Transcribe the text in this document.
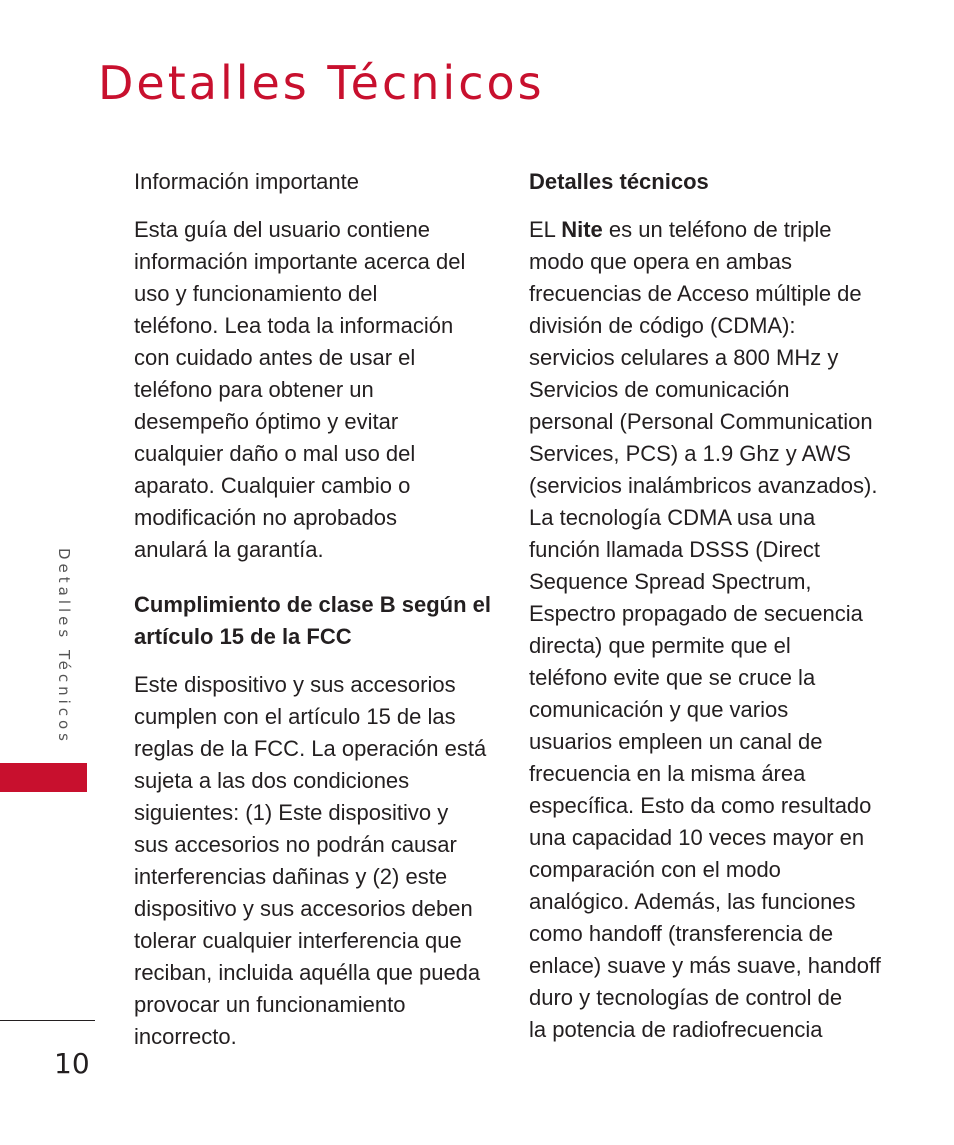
Detalles Técnicos
Información importante

Esta guía del usuario contiene
información importante acerca del
uso y funcionamiento del
teléfono. Lea toda la información
con cuidado antes de usar el
teléfono para obtener un
desempeño óptimo y evitar
cualquier daño o mal uso del
aparato. Cualquier cambio o
modificación no aprobados
anulará la garantía.

Cumplimiento de clase B según el
artículo 15 de la FCC

Este dispositivo y sus accesorios
cumplen con el artículo 15 de las
reglas de la FCC. La operación está
sujeta a las dos condiciones
siguientes: (1) Este dispositivo y
sus accesorios no podrán causar
interferencias dañinas y (2) este
dispositivo y sus accesorios deben
tolerar cualquier interferencia que
reciban, incluida aquélla que pueda
provocar un funcionamiento
incorrecto.

Detalles técnicos

EL Nite es un teléfono de triple
modo que opera en ambas
frecuencias de Acceso múltiple de
división de código (CDMA):
servicios celulares a 800 MHz y
Servicios de comunicación
personal (Personal Communication
Services, PCS) a 1.9 Ghz y AWS
(servicios inalámbricos avanzados).
La tecnología CDMA usa una
función llamada DSSS (Direct
Sequence Spread Spectrum,
Espectro propagado de secuencia
directa) que permite que el
teléfono evite que se cruce la
comunicación y que varios
usuarios empleen un canal de
frecuencia en la misma área
específica. Esto da como resultado
una capacidad 10 veces mayor en
comparación con el modo
analógico. Además, las funciones
como handoff (transferencia de
enlace) suave y más suave, handoff
duro y tecnologías de control de
la potencia de radiofrecuencia

Detalles Técnicos
10
